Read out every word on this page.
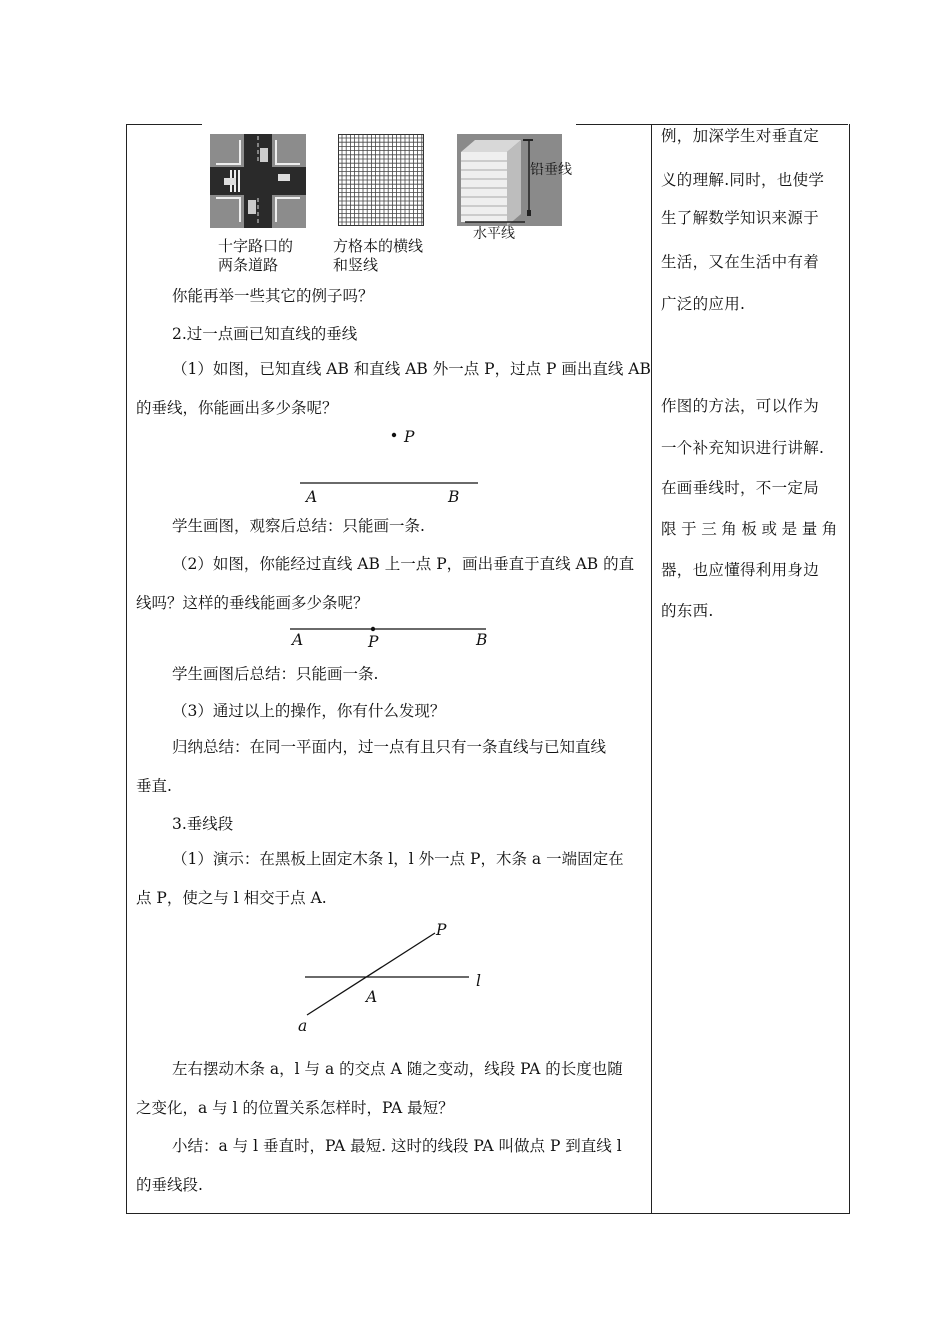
铅垂线
水平线
十字路口的
两条道路
方格本的横线
和竖线
你能再举一些其它的例子吗？
2.过一点画已知直线的垂线
（1）如图，已知直线 AB 和直线 AB 外一点 P，过点 P 画出直线 AB
的垂线，你能画出多少条呢？
P
A	B
学生画图，观察后总结：只能画一条.
（2）如图，你能经过直线 AB 上一点 P，画出垂直于直线 AB 的直
线吗？这样的垂线能画多少条呢？
A	P	B
学生画图后总结：只能画一条.
（3）通过以上的操作，你有什么发现？
归纳总结：在同一平面内，过一点有且只有一条直线与已知直线
垂直.
3.垂线段
（1）演示：在黑板上固定木条 l，l 外一点 P，木条 a 一端固定在
点 P，使之与 l 相交于点 A.
P
l
A
a
左右摆动木条 a，l 与 a 的交点 A 随之变动，线段 PA 的长度也随
之变化，a 与 l 的位置关系怎样时，PA 最短？
小结：a 与 l 垂直时，PA 最短. 这时的线段 PA 叫做点 P 到直线 l
的垂线段.
例，加深学生对垂直定
义的理解.同时，也使学
生了解数学知识来源于
生活，又在生活中有着
广泛的应用.
作图的方法，可以作为
一个补充知识进行讲解.
在画垂线时，不一定局
限于三角板或是量角
器，也应懂得利用身边
的东西.
